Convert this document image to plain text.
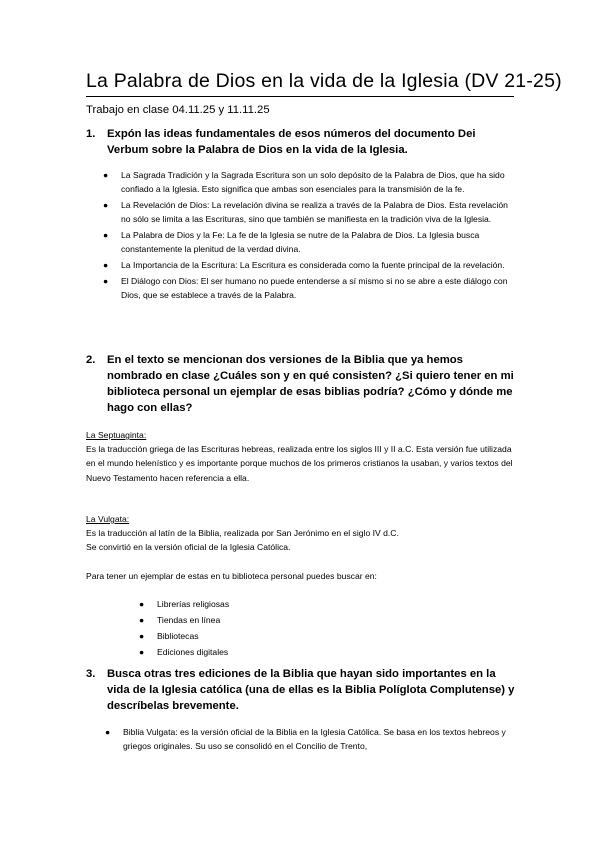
La Palabra de Dios en la vida de la Iglesia (DV 21-25)
Trabajo en clase 04.11.25 y 11.11.25
1. Expón las ideas fundamentales de esos números del documento Dei Verbum sobre la Palabra de Dios en la vida de la Iglesia.
● La Sagrada Tradición y la Sagrada Escritura son un solo depósito de la Palabra de Dios, que ha sido confiado a la Iglesia. Esto significa que ambas son esenciales para la transmisión de la fe.
● La Revelación de Dios: La revelación divina se realiza a través de la Palabra de Dios. Esta revelación no sólo se limita a las Escrituras, sino que también se manifiesta en la tradición viva de la Iglesia.
● La Palabra de Dios y la Fe: La fe de la Iglesia se nutre de la Palabra de Dios. La Iglesia busca constantemente la plenitud de la verdad divina.
● La Importancia de la Escritura: La Escritura es considerada como la fuente principal de la revelación.
● El Diálogo con Dios: El ser humano no puede entenderse a sí mismo si no se abre a este diálogo con Dios, que se establece a través de la Palabra.
2. En el texto se mencionan dos versiones de la Biblia que ya hemos nombrado en clase ¿Cuáles son y en qué consisten? ¿Si quiero tener en mi biblioteca personal un ejemplar de esas biblias podría? ¿Cómo y dónde me hago con ellas?
La Septuaginta:
Es la traducción griega de las Escrituras hebreas, realizada entre los siglos III y II a.C. Esta versión fue utilizada en el mundo helenístico y es importante porque muchos de los primeros cristianos la usaban, y varios textos del Nuevo Testamento hacen referencia a ella.
La Vulgata:
Es la traducción al latín de la Biblia, realizada por San Jerónimo en el siglo IV d.C.
Se convirtió en la versión oficial de la Iglesia Católica.
Para tener un ejemplar de estas en tu biblioteca personal puedes buscar en:
● Librerías religiosas
● Tiendas en línea
● Bibliotecas
● Ediciones digitales
3. Busca otras tres ediciones de la Biblia que hayan sido importantes en la vida de la Iglesia católica (una de ellas es la Biblia Políglota Complutense) y descríbelas brevemente.
● Biblia Vulgata: es la versión oficial de la Biblia en la Iglesia Católica. Se basa en los textos hebreos y griegos originales. Su uso se consolidó en el Concilio de Trento,
